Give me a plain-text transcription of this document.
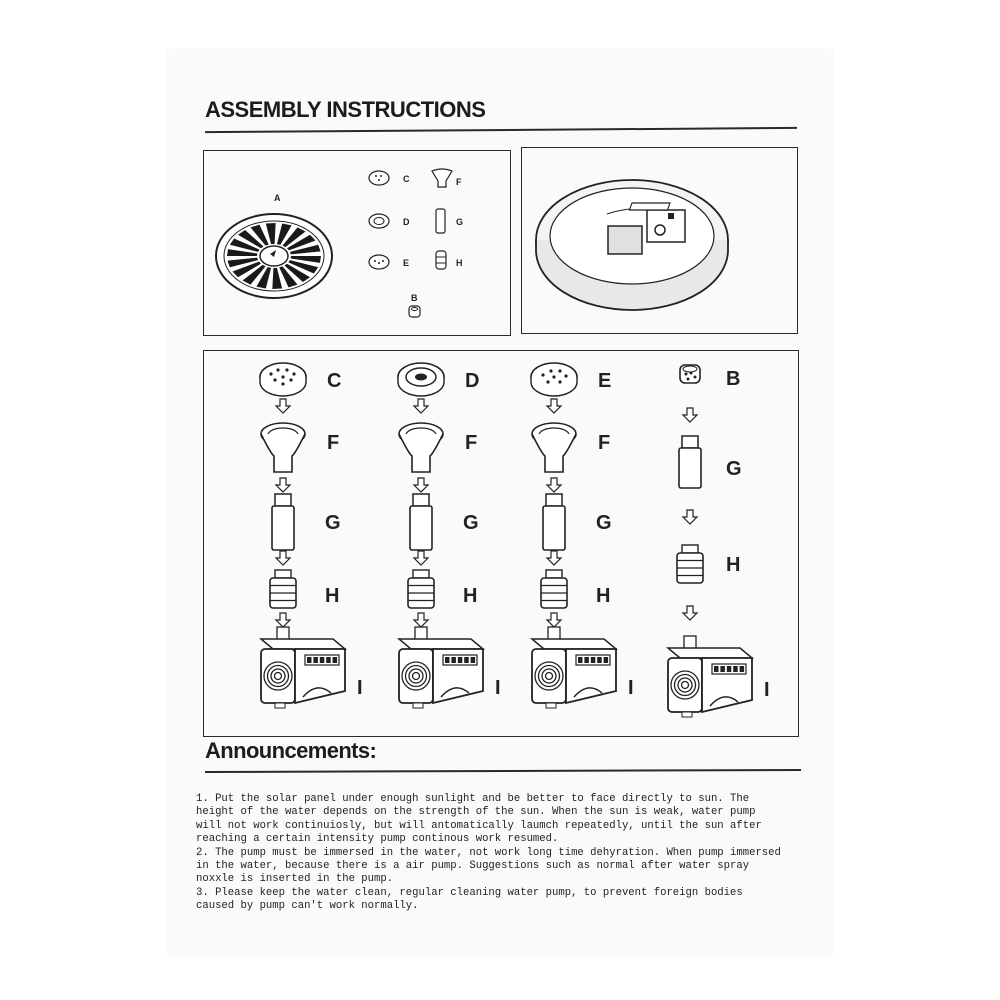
ASSEMBLY INSTRUCTIONS
A
C	F
D	G
E	H
B
C
F
G
H
I
D
F
G
H
I
E
F
G
H
I
B
G
H
I
Announcements:
1. Put the solar panel under enough sunlight and be better to face directly to sun. The
height of the water depends on the strength of the sun. When the sun is weak, water pump
will not work continuiosly, but will antomatically laumch repeatedly, until the sun after
reaching a certain intensity pump continous work resumed.
2. The pump must be immersed in the water, not work long time dehyration. When pump immersed
in the water, because there is a air pump. Suggestions such as normal after water spray
noxxle is inserted in the pump.
3. Please keep the water clean, regular cleaning water pump, to prevent foreign bodies
caused by pump can't work normally.
